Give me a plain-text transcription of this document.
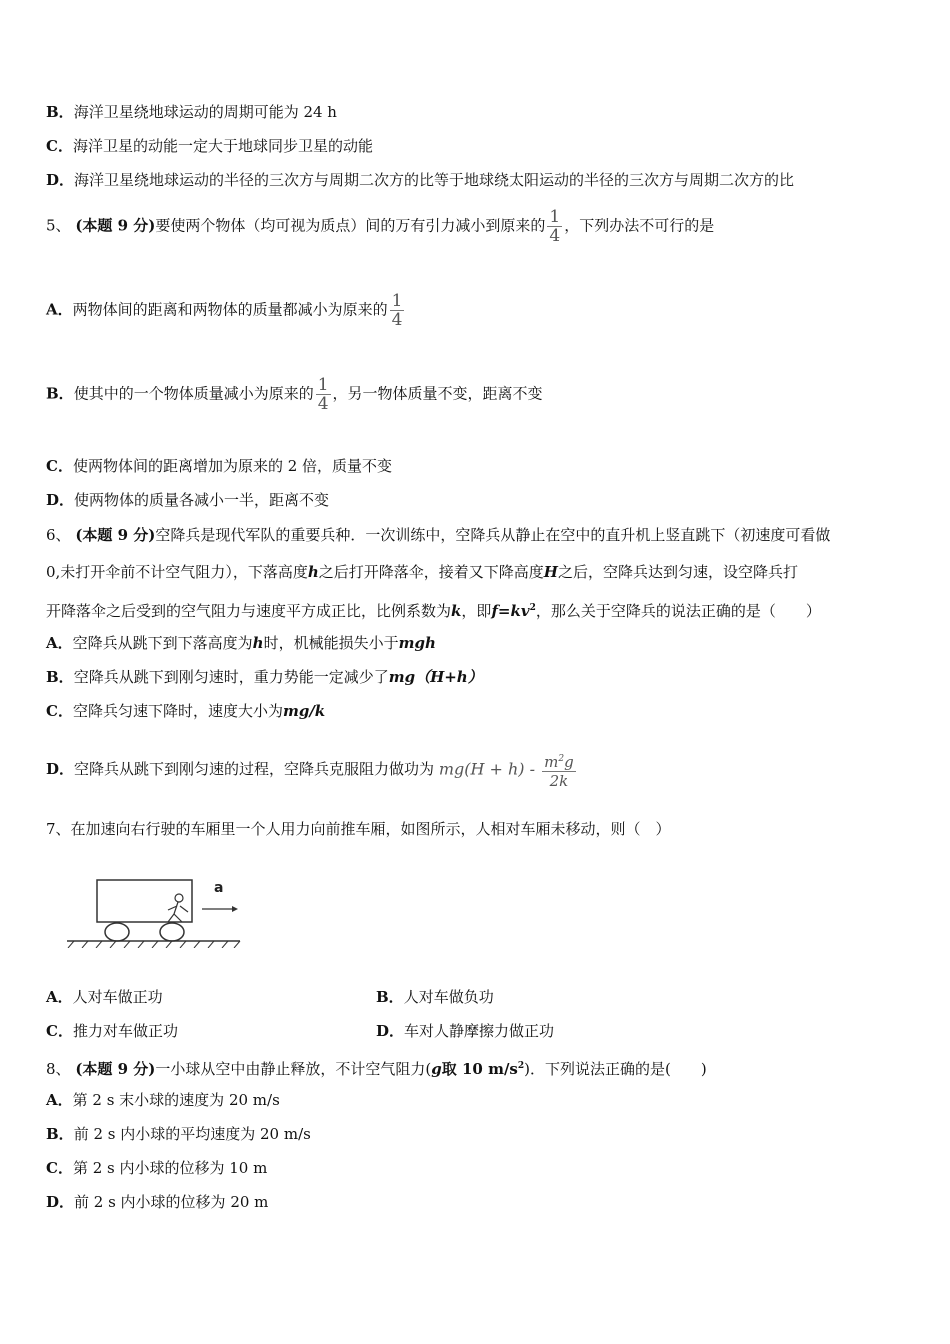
B．海洋卫星绕地球运动的周期可能为 24 h
C．海洋卫星的动能一定大于地球同步卫星的动能
D．海洋卫星绕地球运动的半径的三次方与周期二次方的比等于地球绕太阳运动的半径的三次方与周期二次方的比
5、 (本题 9 分)要使两个物体（均可视为质点）间的万有引力减小到原来的 $\frac{1}{4}$ ，下列办法不可行的是
A．两物体间的距离和两物体的质量都减小为原来的 $\frac{1}{4}$
B．使其中的一个物体质量减小为原来的 $\frac{1}{4}$ ，另一物体质量不变，距离不变
C．使两物体间的距离增加为原来的 2 倍，质量不变
D．使两物体的质量各减小一半，距离不变
6、 (本题 9 分)空降兵是现代军队的重要兵种．一次训练中，空降兵从静止在空中的直升机上竖直跳下（初速度可看做
0,未打开伞前不计空气阻力），下落高度h之后打开降落伞，接着又下降高度H之后，空降兵达到匀速，设空降兵打
开降落伞之后受到的空气阻力与速度平方成正比，比例系数为k，即$f=kv^2$，那么关于空降兵的说法正确的是（　　）
A．空降兵从跳下到下落高度为h时，机械能损失小于mgh
B．空降兵从跳下到刚匀速时，重力势能一定减少了mg（H+h）
C．空降兵匀速下降时，速度大小为mg/k
D．空降兵从跳下到刚匀速的过程，空降兵克服阻力做功为 $mg(H + h) - \frac{m^2g}{2k}$
7、在加速向右行驶的车厢里一个人用力向前推车厢，如图所示，人相对车厢未移动，则（　）
a
A．人对车做正功	B．人对车做负功
C．推力对车做正功	D．车对人静摩擦力做正功
8、 (本题 9 分)一小球从空中由静止释放，不计空气阻力(g取 10 $m/s^2$)．下列说法正确的是(　　)
A．第 2 s 末小球的速度为 20 m/s
B．前 2 s 内小球的平均速度为 20 m/s
C．第 2 s 内小球的位移为 10 m
D．前 2 s 内小球的位移为 20 m
